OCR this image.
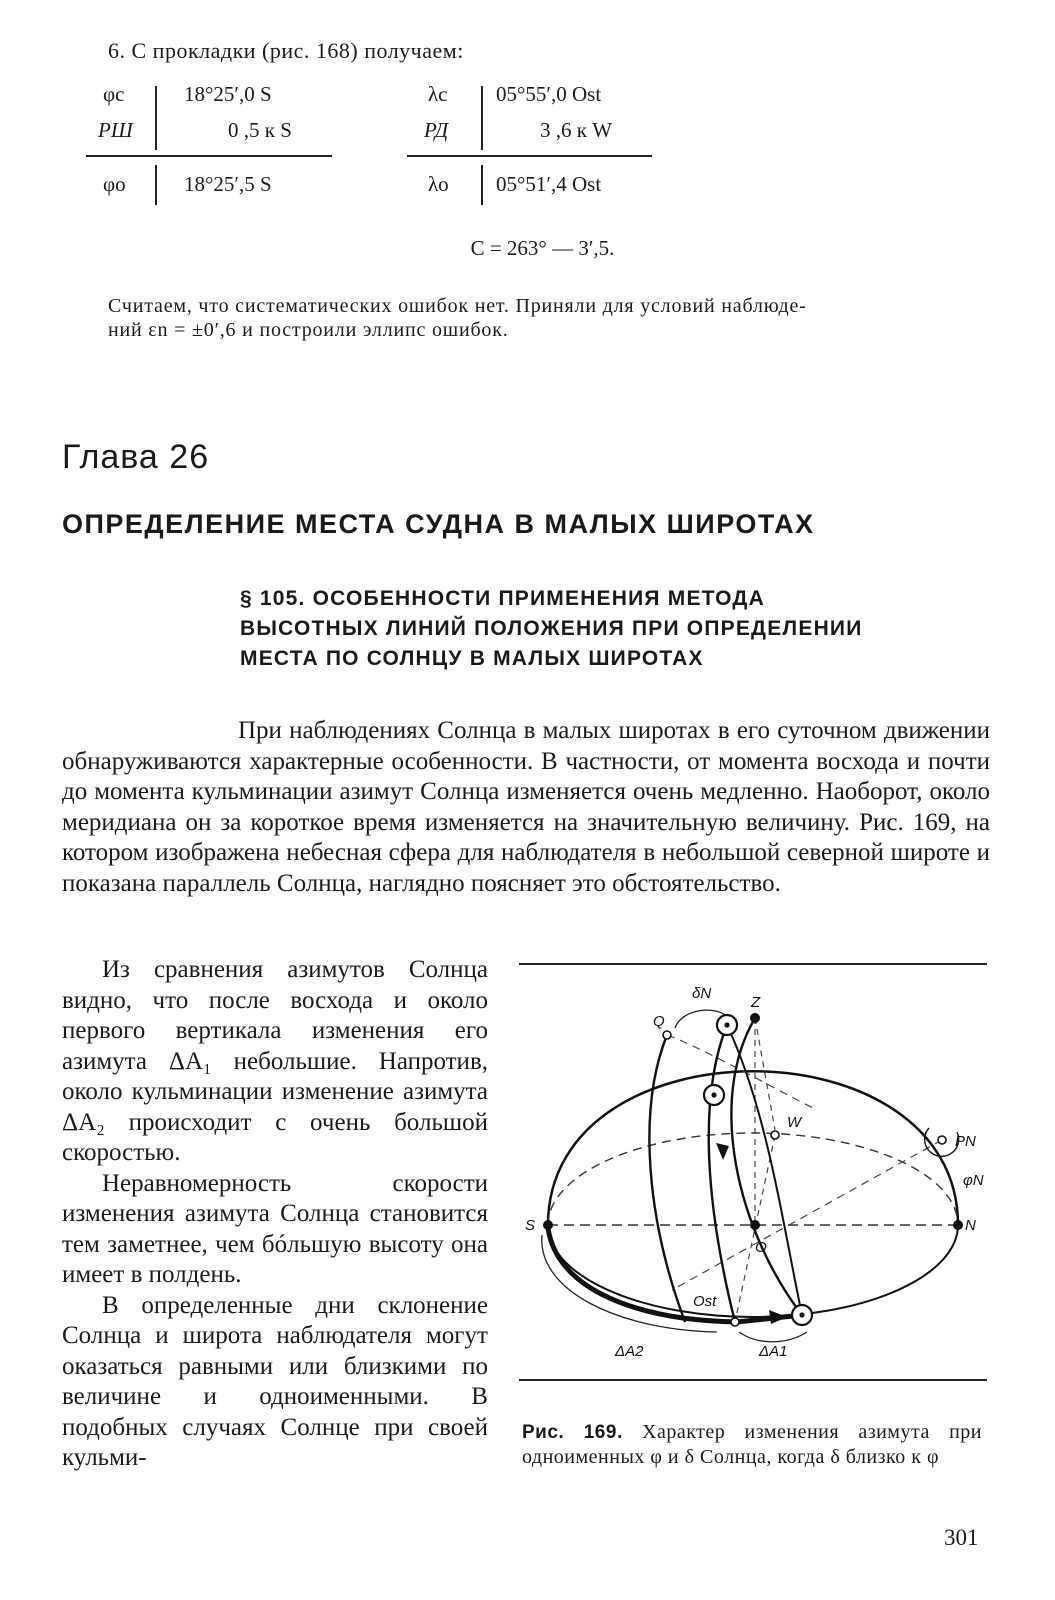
6. С прокладки (рис. 168) получаем:
φc	18°25′,0 S
РШ	0 ,5 к S
φo	18°25′,5 S
λc 05°55′,0 Ost
РД	3 ,6 к W
λo 05°51′,4 Ost
C = 263° — 3′,5.

Считаем, что систематических ошибок нет. Приняли для условий наблюде-

ний εn = ±0′,6 и построили эллипс ошибок.

Глава 26
ОПРЕДЕЛЕНИЕ МЕСТА СУДНА В МАЛЫХ ШИРОТАХ
§ 105. ОСОБЕННОСТИ ПРИМЕНЕНИЯ МЕТОДА
ВЫСОТНЫХ ЛИНИЙ ПОЛОЖЕНИЯ ПРИ ОПРЕДЕЛЕНИИ
МЕСТА ПО СОЛНЦУ В МАЛЫХ ШИРОТАХ

При наблюдениях Солнца в малых широтах в его суточном движении обнаруживаются характерные особенности. В частности, от момента восхода и почти до момента кульминации азимут Солнца изменяется очень медленно. Наоборот, около меридиана он за короткое время изменяется на значительную величину. Рис. 169, на котором изображена небесная сфера для наблюдателя в небольшой северной широте и показана параллель Солнца, наглядно поясняет это обстоятельство.

Из сравнения азимутов Солнца видно, что после восхода и около первого вертикала изменения его азимута ΔA₁ небольшие. Напротив, около кульминации изменение азимута ΔA₂ происходит с очень большой скоростью.

Неравномерность скорости изменения азимута Солнца становится тем заметнее, чем бóльшую высоту она имеет в полдень.

В определенные дни склонение Солнца и широта наблюдателя могут оказаться равными или близкими по величине и одноименными. В подобных случаях Солнце при своей кульми-

δN
Q
Z
W
PN
φN
S	N
O
Ost
ΔA2	ΔA1

Рис. 169. Характер изменения азимута при одноименных φ и δ Солнца, когда δ близко к φ

301
